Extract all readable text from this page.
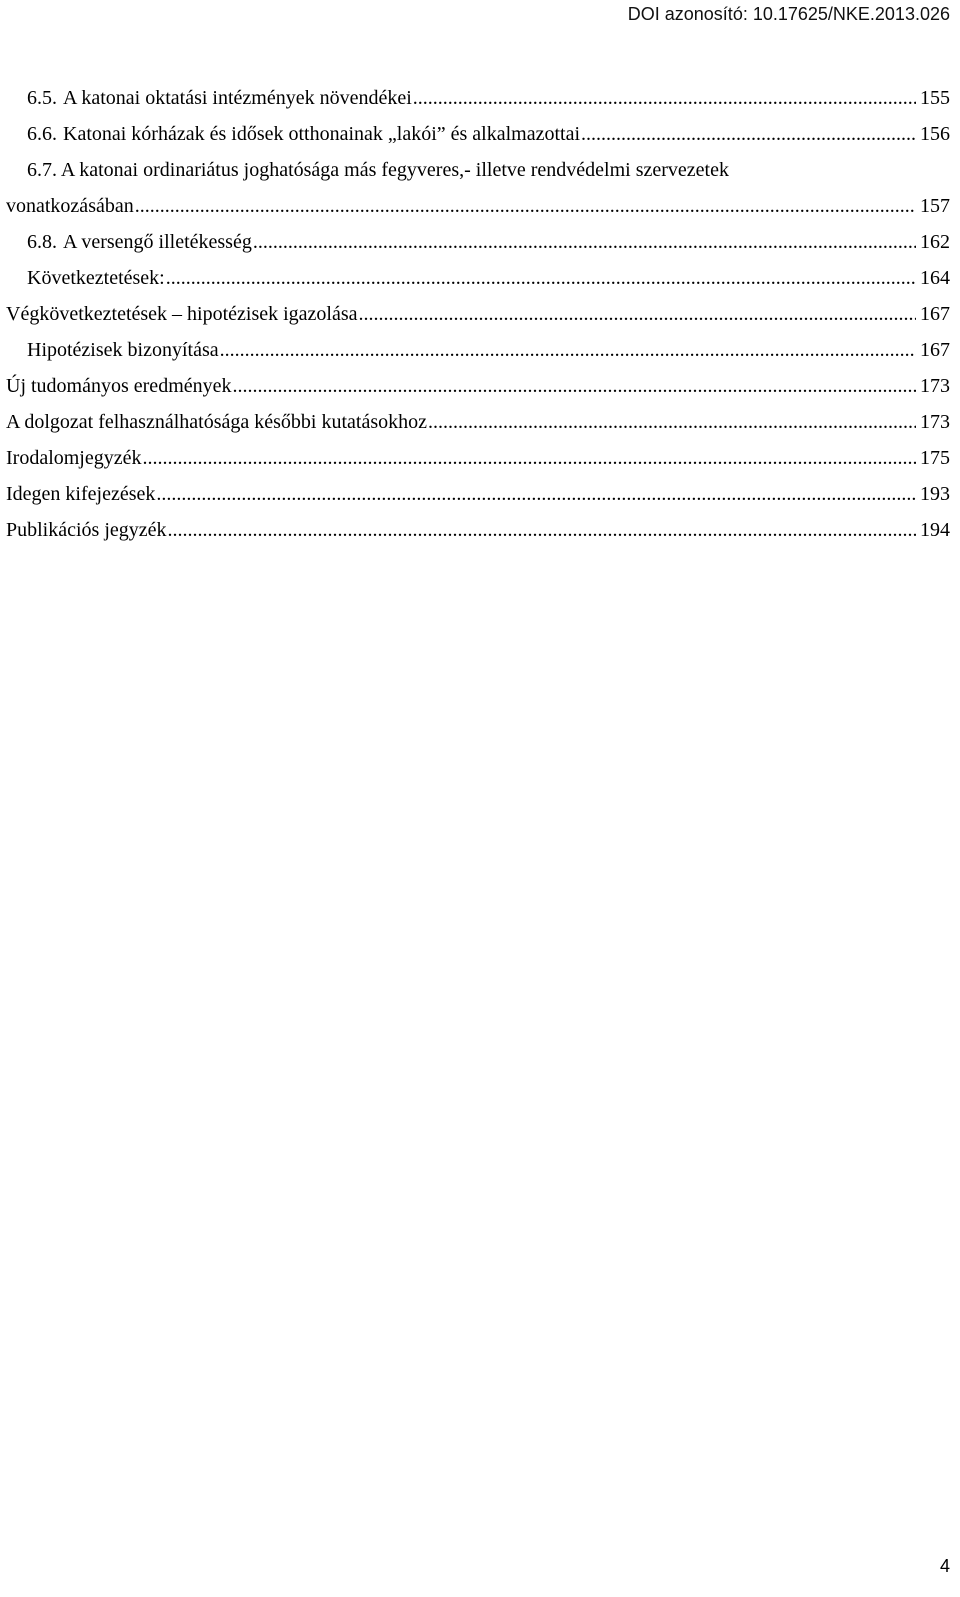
DOI azonosító: 10.17625/NKE.2013.026
6.5. A katonai oktatási intézmények növendékei .....	155
6.6. Katonai kórházak és idősek otthonainak „lakói” és alkalmazottai .....	156
6.7. A katonai ordinariátus joghatósága más fegyveres,- illetve rendvédelmi szervezetek
vonatkozásában .....	157
6.8. A versengő illetékesség .....	162
Következtetések: .....	164
Végkövetkeztetések – hipotézisek igazolása .....	167
Hipotézisek bizonyítása .....	167
Új tudományos eredmények .....	173
A dolgozat felhasználhatósága későbbi kutatásokhoz .....	173
Irodalomjegyzék .....	175
Idegen kifejezések .....	193
Publikációs jegyzék .....	194
4
